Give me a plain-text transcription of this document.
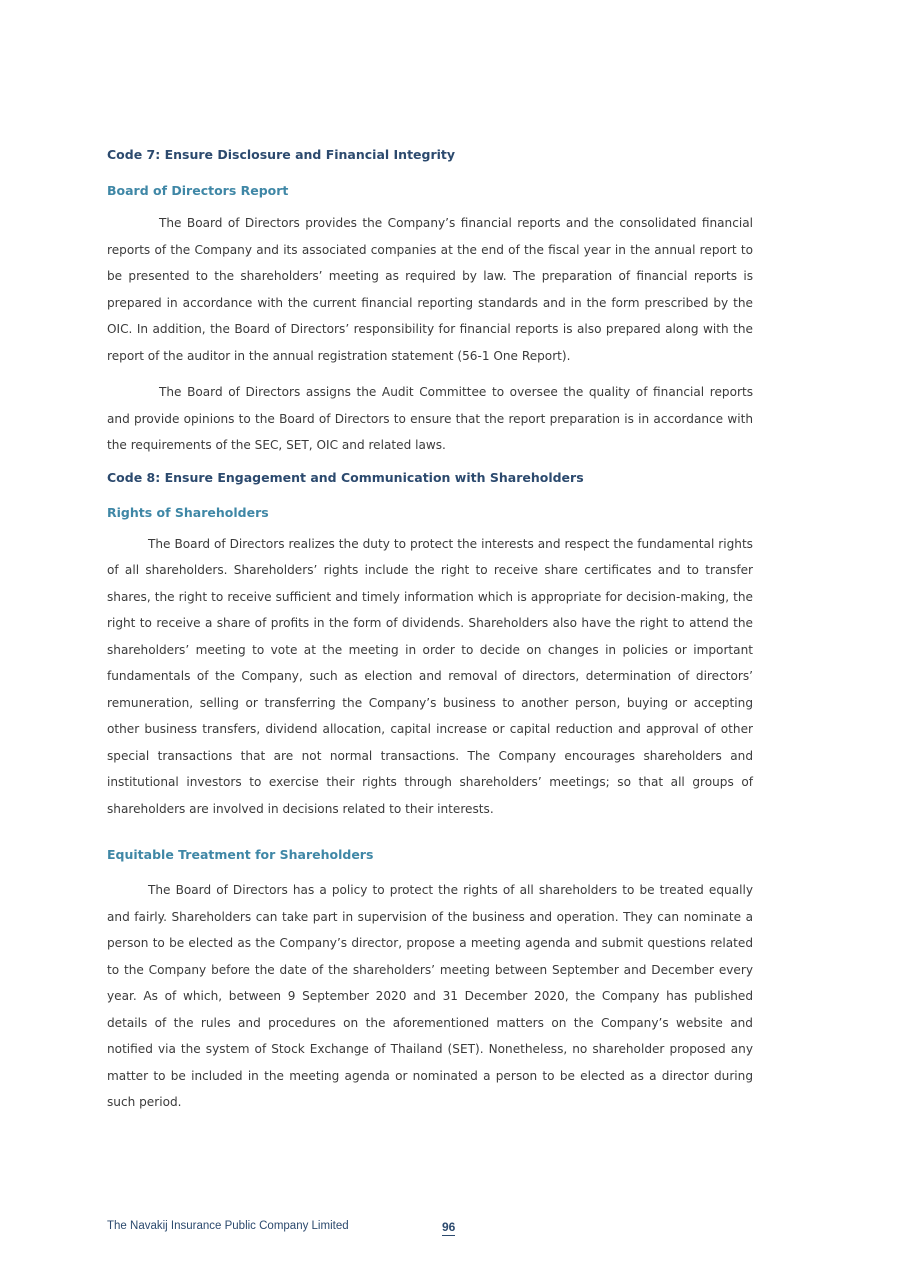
Code 7: Ensure Disclosure and Financial Integrity
Board of Directors Report

The Board of Directors provides the Company’s financial reports and the consolidated financial reports of the Company and its associated companies at the end of the fiscal year in the annual report to be presented to the shareholders’ meeting as required by law. The preparation of financial reports is prepared in accordance with the current financial reporting standards and in the form prescribed by the OIC. In addition, the Board of Directors’ responsibility for financial reports is also prepared along with the report of the auditor in the annual registration statement (56-1 One Report).

The Board of Directors assigns the Audit Committee to oversee the quality of financial reports and provide opinions to the Board of Directors to ensure that the report preparation is in accordance with the requirements of the SEC, SET, OIC and related laws.

Code 8: Ensure Engagement and Communication with Shareholders
Rights of Shareholders

The Board of Directors realizes the duty to protect the interests and respect the fundamental rights of all shareholders. Shareholders’ rights include the right to receive share certificates and to transfer shares, the right to receive sufficient and timely information which is appropriate for decision-making, the right to receive a share of profits in the form of dividends. Shareholders also have the right to attend the shareholders’ meeting to vote at the meeting in order to decide on changes in policies or important fundamentals of the Company, such as election and removal of directors, determination of directors’ remuneration, selling or transferring the Company’s business to another person, buying or accepting other business transfers, dividend allocation, capital increase or capital reduction and approval of other special transactions that are not normal transactions. The Company encourages shareholders and institutional investors to exercise their rights through shareholders’ meetings; so that all groups of shareholders are involved in decisions related to their interests.

Equitable Treatment for Shareholders

The Board of Directors has a policy to protect the rights of all shareholders to be treated equally and fairly. Shareholders can take part in supervision of the business and operation. They can nominate a person to be elected as the Company’s director, propose a meeting agenda and submit questions related to the Company before the date of the shareholders’ meeting between September and December every year. As of which, between 9 September 2020 and 31 December 2020, the Company has published details of the rules and procedures on the aforementioned matters on the Company’s website and notified via the system of Stock Exchange of Thailand (SET). Nonetheless, no shareholder proposed any matter to be included in the meeting agenda or nominated a person to be elected as a director during such period.

The Navakij Insurance Public Company Limited	96
